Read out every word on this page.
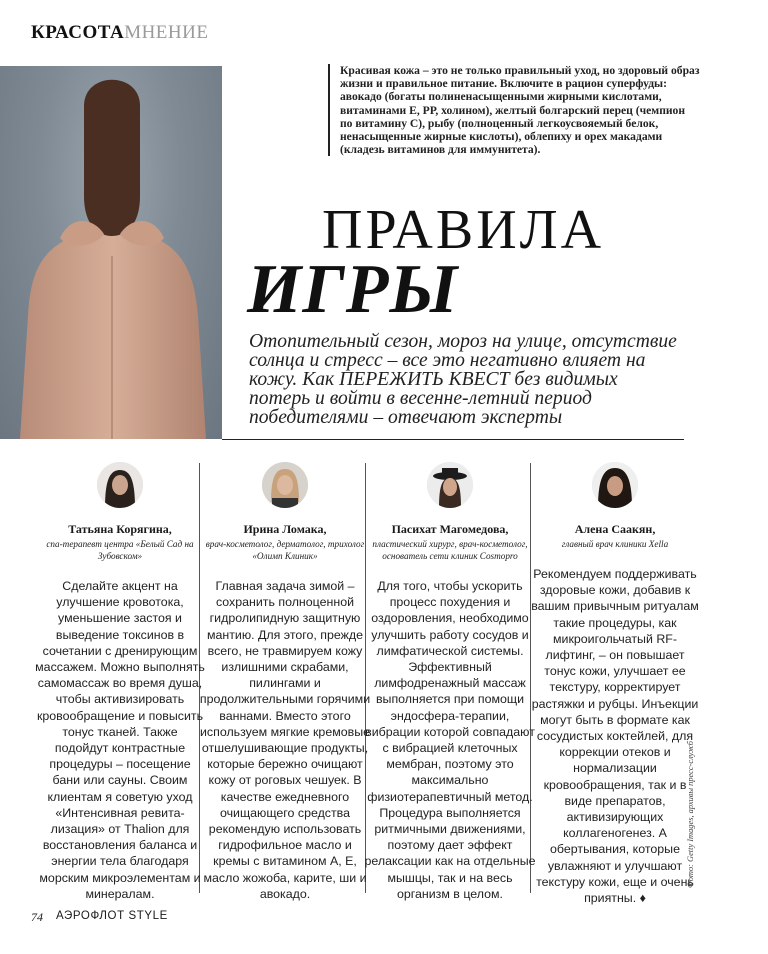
КРАСОТАМНЕНИЕ
Красивая кожа – это не только правильный уход, но здоровый образ жизни и правильное питание. Включите в рацион суперфуды: авокадо (богаты полиненасыщенными жирными кислотами, витаминами Е, РР, холином), желтый болгарский перец (чемпион по витамину С), рыбу (полноценный легкоусвояемый белок, ненасыщенные жирные кислоты), облепиху и орех макадами (кладезь витаминов для иммунитета).
ПРАВИЛА
ИГРЫ
Отопительный сезон, мороз на улице, отсутствие солнца и стресс – все это негативно влияет на кожу. Как ПЕРЕЖИТЬ КВЕСТ без видимых потерь и войти в весенне-летний период победителями – отвечают эксперты
Татьяна Корягина,
спа-терапевт центра «Белый Сад на Зубовском»
Сделайте акцент на улучшение кровотока, уменьшение застоя и выведение токсинов в сочетании с дренирующим массажем. Можно выполнять самомассаж во время душа, чтобы активизировать кровообращение и повысить тонус тканей. Также подойдут контрастные процедуры – посещение бани или сауны. Своим клиентам я советую уход «Интенсивная ревитализация» от Thalion для восстановления баланса и энергии тела благодаря морским микроэлементам и минералам.
Ирина Ломака,
врач-косметолог, дерматолог, трихолог «Олимп Клиник»
Главная задача зимой – сохранить полноценной гидролипидную защитную мантию. Для этого, прежде всего, не травмируем кожу излишними скрабами, пилингами и продолжительными горячими ваннами. Вместо этого используем мягкие кремовые отшелушивающие продукты, которые бережно очищают кожу от роговых чешуек. В качестве ежедневного очищающего средства рекомендую использовать гидрофильное масло и кремы с витамином А, Е, масло жожоба, карите, ши и авокадо.
Пасихат Магомедова,
пластический хирург, врач-косметолог, основатель сети клиник Cosmopro
Для того, чтобы ускорить процесс похудения и оздоровления, необходимо улучшить работу сосудов и лимфатической системы. Эффективный лимфодренажный массаж выполняется при помощи эндосфера-терапии, вибрации которой совпадают с вибрацией клеточных мембран, поэтому это максимально физиотерапевтичный метод. Процедура выполняется ритмичными движениями, поэтому дает эффект релаксации как на отдельные мышцы, так и на весь организм в целом.
Алена Саакян,
главный врач клиники Xella
Рекомендуем поддерживать здоровые кожи, добавив к вашим привычным ритуалам такие процедуры, как микроигольчатый RF-лифтинг, – он повышает тонус кожи, улучшает ее текстуру, корректирует растяжки и рубцы. Инъекции могут быть в формате как сосудистых коктейлей, для коррекции отеков и нормализации кровообращения, так и в виде препаратов, активизирующих коллагеногенез. А обертывания, которые увлажняют и улучшают текстуру кожи, еще и очень приятны. ♦
Фото: Getty Images, архивы пресс-служб
74 АЭРОФЛОТ STYLE
